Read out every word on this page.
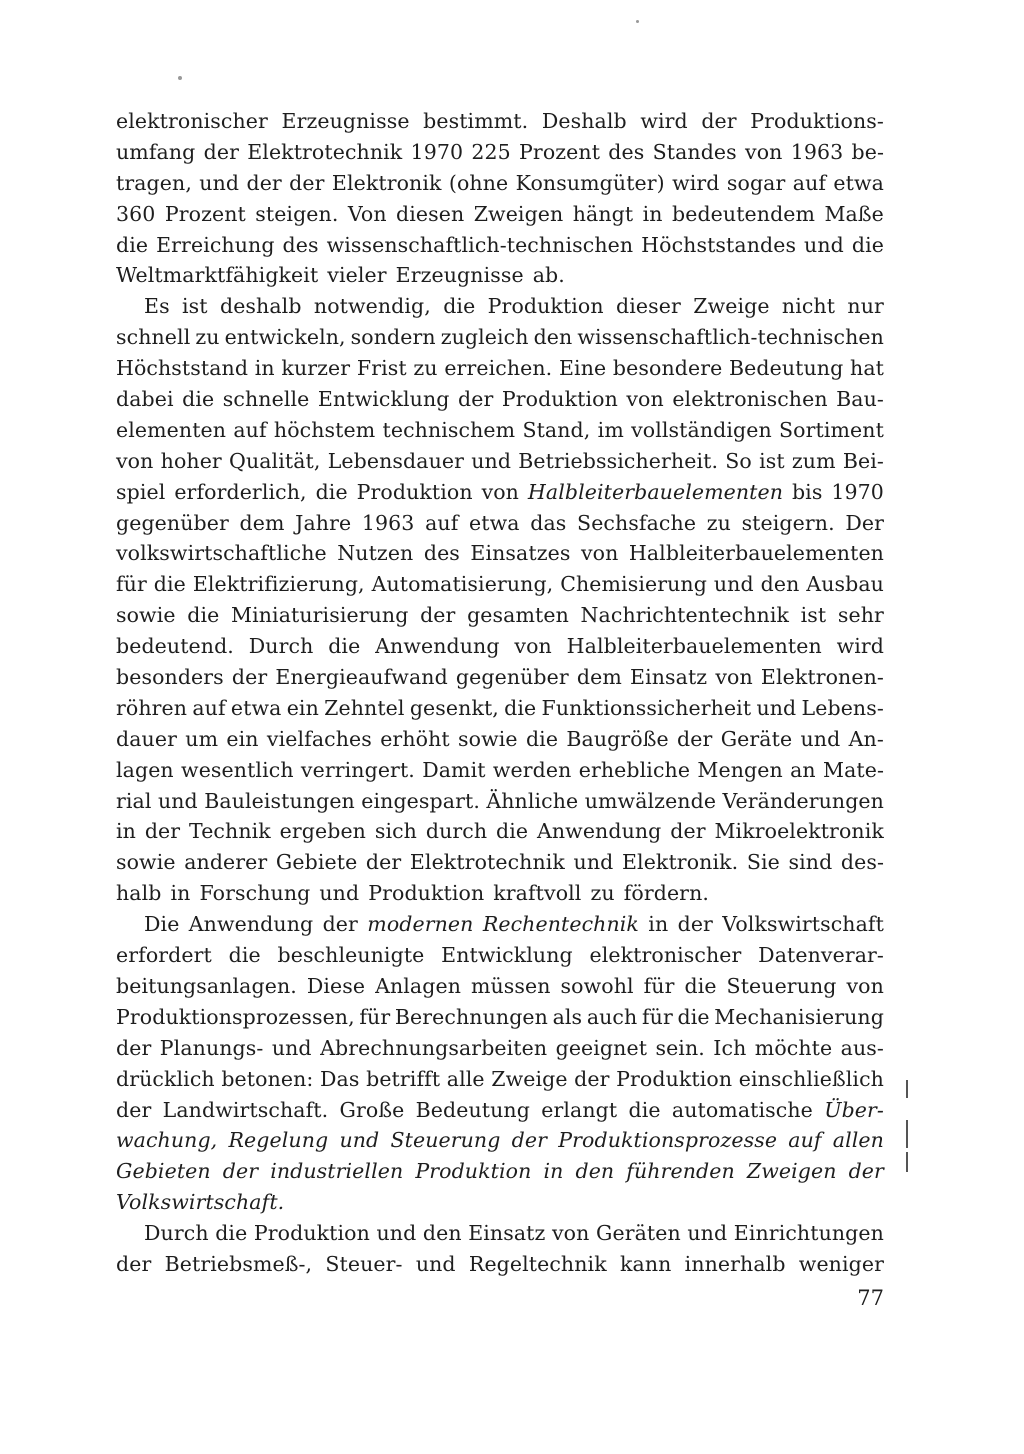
elektronischer Erzeugnisse bestimmt. Deshalb wird der Produktions-
umfang der Elektrotechnik 1970 225 Prozent des Standes von 1963 be-
tragen, und der der Elektronik (ohne Konsumgüter) wird sogar auf etwa
360 Prozent steigen. Von diesen Zweigen hängt in bedeutendem Maße
die Erreichung des wissenschaftlich-technischen Höchststandes und die
Weltmarktfähigkeit vieler Erzeugnisse ab.
Es ist deshalb notwendig, die Produktion dieser Zweige nicht nur
schnell zu entwickeln, sondern zugleich den wissenschaftlich-technischen
Höchststand in kurzer Frist zu erreichen. Eine besondere Bedeutung hat
dabei die schnelle Entwicklung der Produktion von elektronischen Bau-
elementen auf höchstem technischem Stand, im vollständigen Sortiment
von hoher Qualität, Lebensdauer und Betriebssicherheit. So ist zum Bei-
spiel erforderlich, die Produktion von Halbleiterbauelementen bis 1970
gegenüber dem Jahre 1963 auf etwa das Sechsfache zu steigern. Der
volkswirtschaftliche Nutzen des Einsatzes von Halbleiterbauelementen
für die Elektrifizierung, Automatisierung, Chemisierung und den Ausbau
sowie die Miniaturisierung der gesamten Nachrichtentechnik ist sehr
bedeutend. Durch die Anwendung von Halbleiterbauelementen wird
besonders der Energieaufwand gegenüber dem Einsatz von Elektronen-
röhren auf etwa ein Zehntel gesenkt, die Funktionssicherheit und Lebens-
dauer um ein vielfaches erhöht sowie die Baugröße der Geräte und An-
lagen wesentlich verringert. Damit werden erhebliche Mengen an Mate-
rial und Bauleistungen eingespart. Ähnliche umwälzende Veränderungen
in der Technik ergeben sich durch die Anwendung der Mikroelektronik
sowie anderer Gebiete der Elektrotechnik und Elektronik. Sie sind des-
halb in Forschung und Produktion kraftvoll zu fördern.
Die Anwendung der modernen Rechentechnik in der Volkswirtschaft
erfordert die beschleunigte Entwicklung elektronischer Datenverar-
beitungsanlagen. Diese Anlagen müssen sowohl für die Steuerung von
Produktionsprozessen, für Berechnungen als auch für die Mechanisierung
der Planungs- und Abrechnungsarbeiten geeignet sein. Ich möchte aus-
drücklich betonen: Das betrifft alle Zweige der Produktion einschließlich
der Landwirtschaft. Große Bedeutung erlangt die automatische Über-
wachung, Regelung und Steuerung der Produktionsprozesse auf allen
Gebieten der industriellen Produktion in den führenden Zweigen der
Volkswirtschaft.
Durch die Produktion und den Einsatz von Geräten und Einrichtungen
der Betriebsmeß-, Steuer- und Regeltechnik kann innerhalb weniger
77
